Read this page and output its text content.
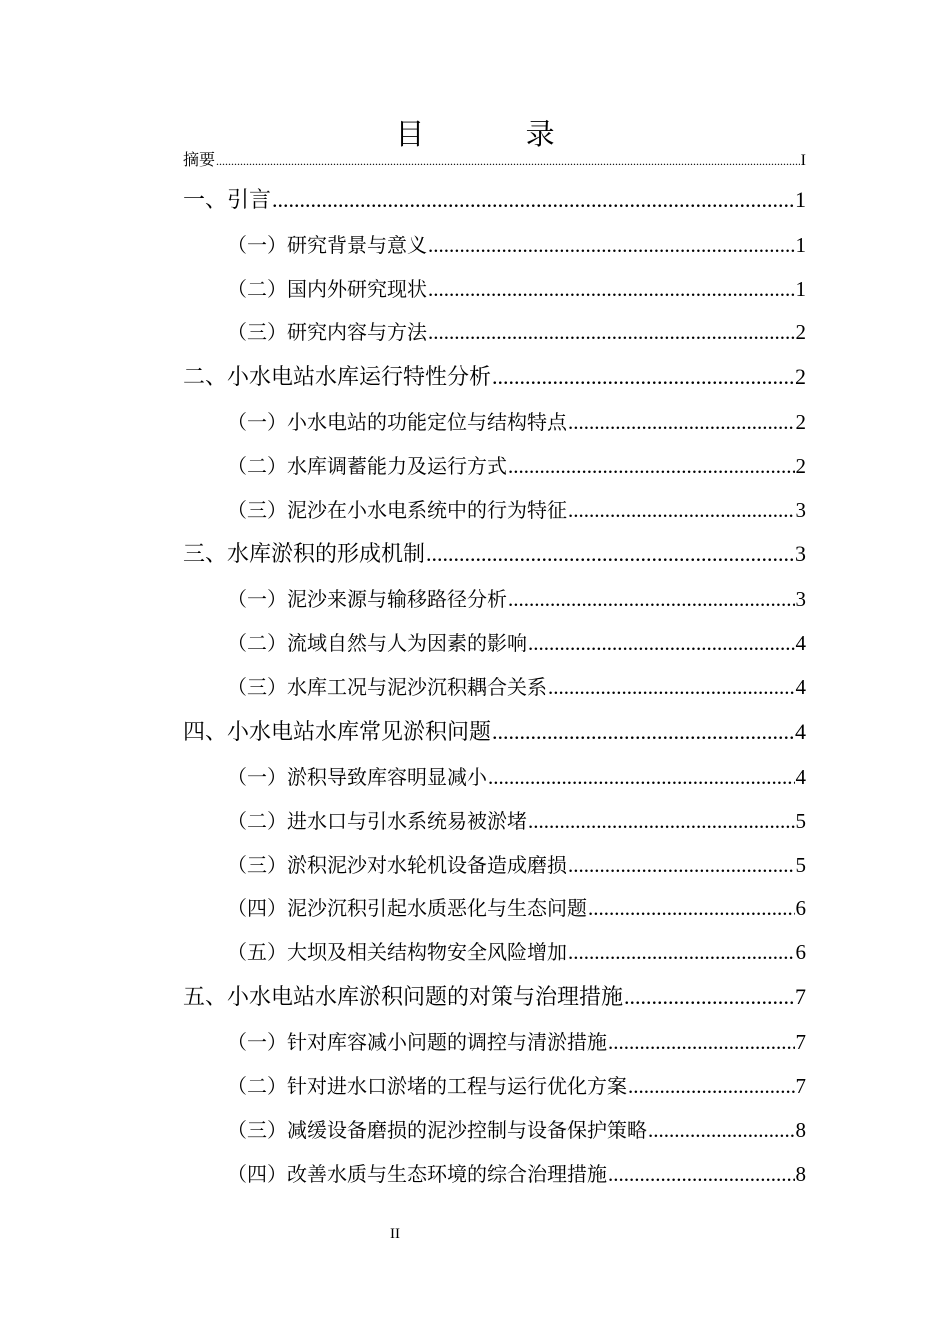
目 录
摘要 .....	I
一、引言 .....	1
（一）研究背景与意义 .....	1
（二）国内外研究现状 .....	1
（三）研究内容与方法 .....	2
二、小水电站水库运行特性分析 .....	2
（一）小水电站的功能定位与结构特点 .....	2
（二）水库调蓄能力及运行方式 .....	2
（三）泥沙在小水电系统中的行为特征 .....	3
三、水库淤积的形成机制 .....	3
（一）泥沙来源与输移路径分析 .....	3
（二）流域自然与人为因素的影响 .....	4
（三）水库工况与泥沙沉积耦合关系 .....	4
四、小水电站水库常见淤积问题 .....	4
（一）淤积导致库容明显减小 .....	4
（二）进水口与引水系统易被淤堵 .....	5
（三）淤积泥沙对水轮机设备造成磨损 .....	5
（四）泥沙沉积引起水质恶化与生态问题 .....	6
（五）大坝及相关结构物安全风险增加 .....	6
五、小水电站水库淤积问题的对策与治理措施 .....	7
（一）针对库容减小问题的调控与清淤措施 .....	7
（二）针对进水口淤堵的工程与运行优化方案 .....	7
（三）减缓设备磨损的泥沙控制与设备保护策略 .....	8
（四）改善水质与生态环境的综合治理措施 .....	8
II
